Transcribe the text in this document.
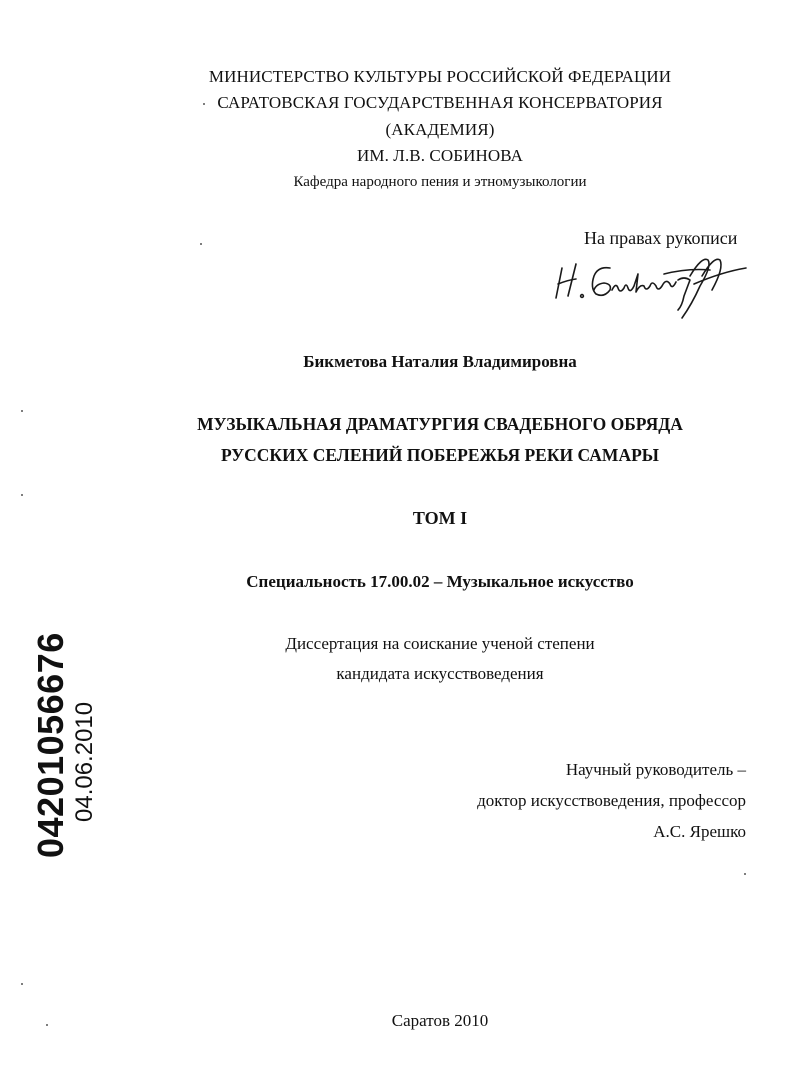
МИНИСТЕРСТВО КУЛЬТУРЫ РОССИЙСКОЙ ФЕДЕРАЦИИ
САРАТОВСКАЯ ГОСУДАРСТВЕННАЯ КОНСЕРВАТОРИЯ
(АКАДЕМИЯ)
ИМ. Л.В. СОБИНОВА
Кафедра народного пения и этномузыкологии
На правах рукописи
Бикметова Наталия Владимировна
МУЗЫКАЛЬНАЯ ДРАМАТУРГИЯ СВАДЕБНОГО ОБРЯДА
РУССКИХ СЕЛЕНИЙ ПОБЕРЕЖЬЯ РЕКИ САМАРЫ
ТОМ I
Специальность 17.00.02 – Музыкальное искусство
Диссертация на соискание ученой степени
кандидата искусствоведения
Научный руководитель –
доктор искусствоведения, профессор
А.С. Ярешко
Саратов 2010
04201056676 04.06.2010
